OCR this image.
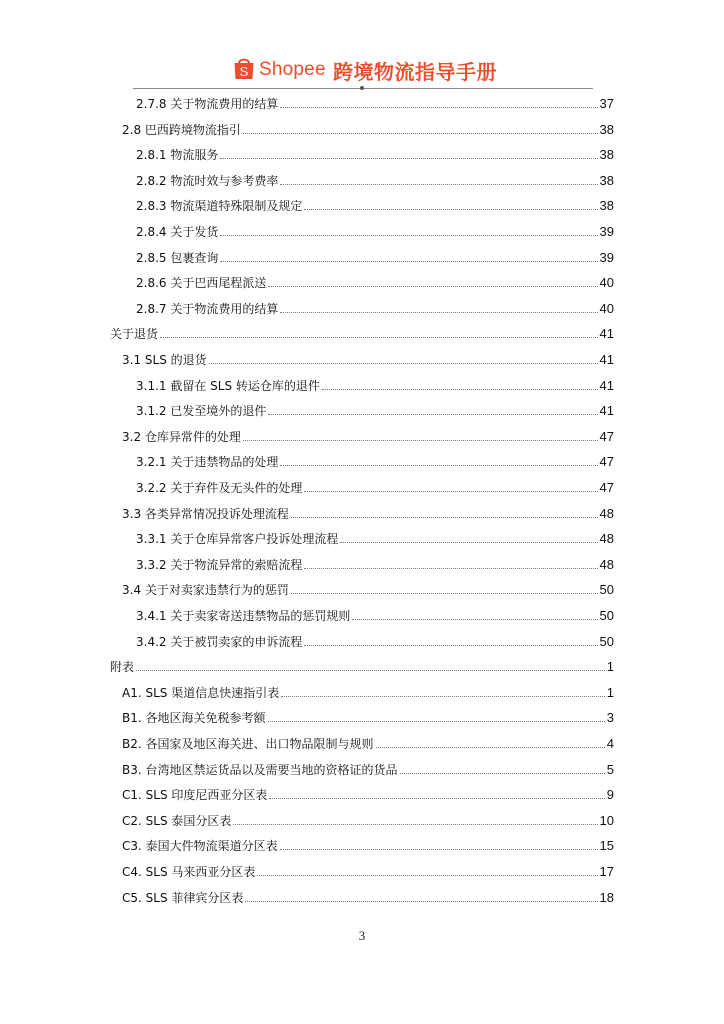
S Shopee 跨境物流指导手册
2.7.8 关于物流费用的结算	37
2.8 巴西跨境物流指引	38
2.8.1 物流服务	38
2.8.2 物流时效与参考费率	38
2.8.3 物流渠道特殊限制及规定	38
2.8.4 关于发货	39
2.8.5 包裹查询	39
2.8.6 关于巴西尾程派送	40
2.8.7 关于物流费用的结算	40
关于退货	41
3.1 SLS 的退货	41
3.1.1 截留在 SLS 转运仓库的退件	41
3.1.2 已发至境外的退件	41
3.2 仓库异常件的处理	47
3.2.1 关于违禁物品的处理	47
3.2.2 关于弃件及无头件的处理	47
3.3 各类异常情况投诉处理流程	48
3.3.1 关于仓库异常客户投诉处理流程	48
3.3.2 关于物流异常的索赔流程	48
3.4 关于对卖家违禁行为的惩罚	50
3.4.1 关于卖家寄送违禁物品的惩罚规则	50
3.4.2 关于被罚卖家的申诉流程	50
附表	1
A1. SLS 渠道信息快速指引表	1
B1. 各地区海关免税参考额	3
B2. 各国家及地区海关进、出口物品限制与规则	4
B3. 台湾地区禁运货品以及需要当地的资格证的货品	5
C1. SLS 印度尼西亚分区表	9
C2. SLS 泰国分区表	10
C3. 泰国大件物流渠道分区表	15
C4. SLS 马来西亚分区表	17
C5. SLS 菲律宾分区表	18
3
